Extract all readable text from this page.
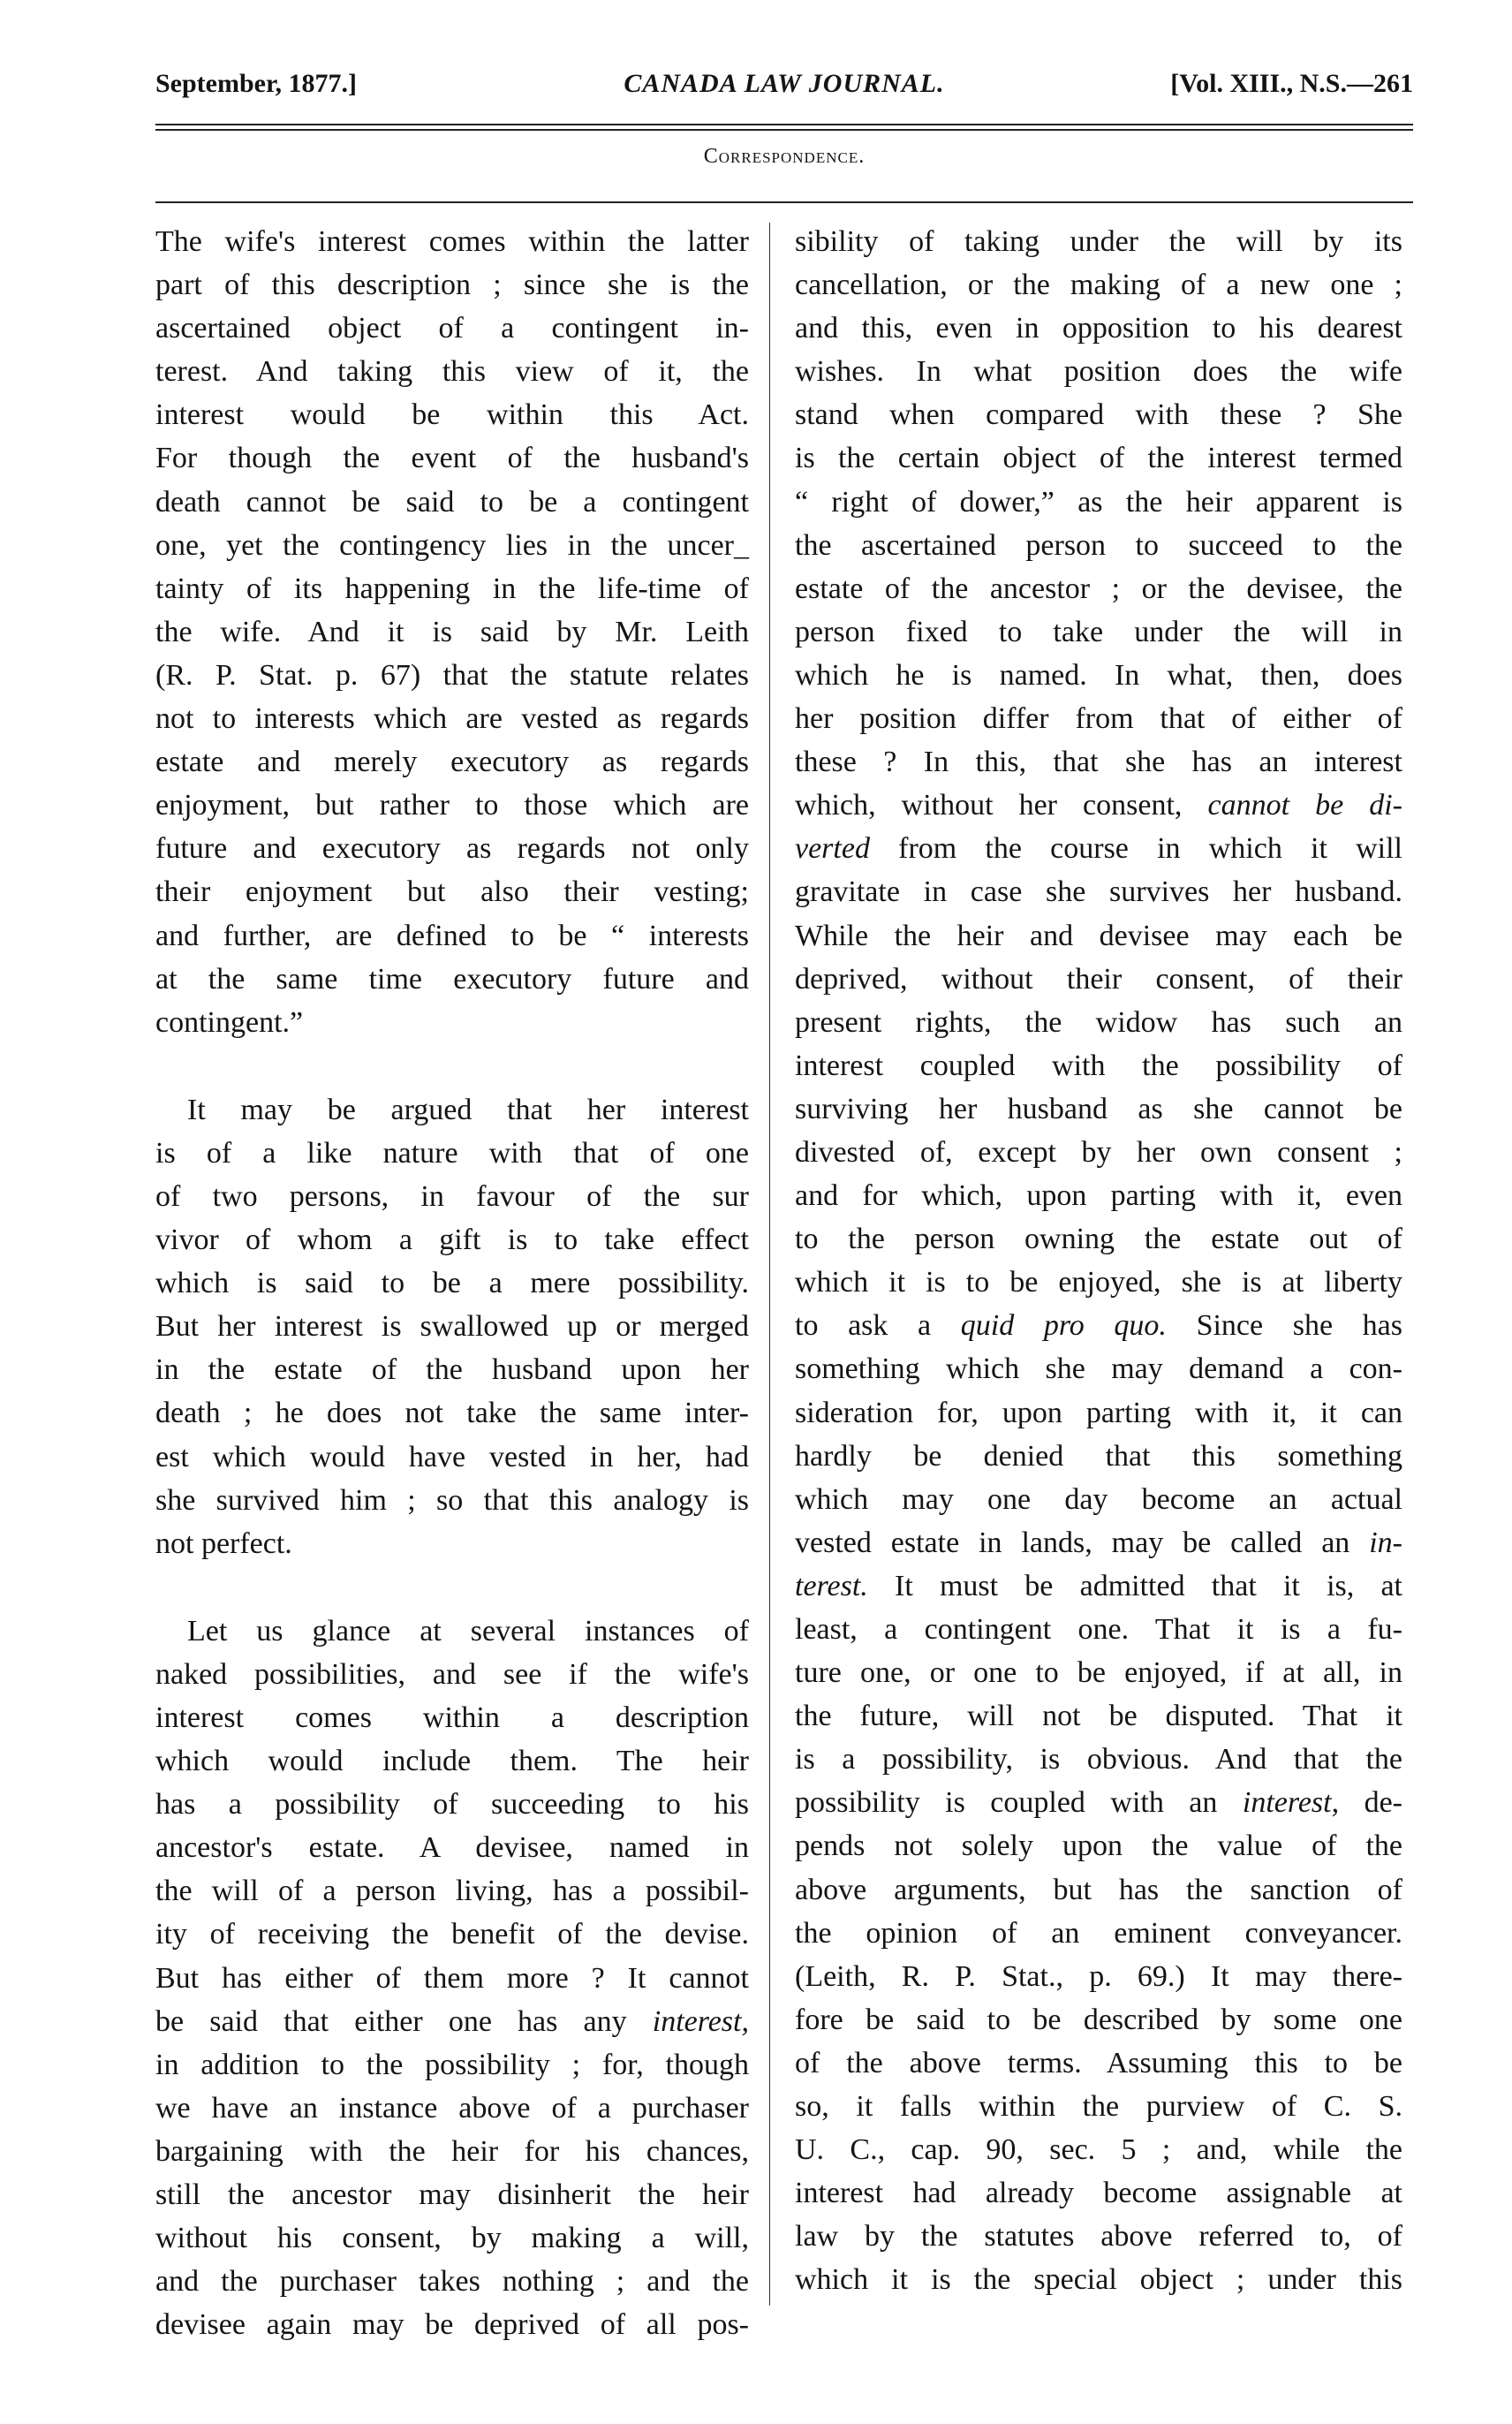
September, 1877.]	CANADA LAW JOURNAL.	[Vol. XIII., N.S.—261
Correspondence.
The wife's interest comes within the latter
part of this description ; since she is the
ascertained object of a contingent in-
terest. And taking this view of it, the
interest would be within this Act.
For though the event of the husband's
death cannot be said to be a contingent
one, yet the contingency lies in the uncer_
tainty of its happening in the life-time of
the wife. And it is said by Mr. Leith
(R. P. Stat. p. 67) that the statute relates
not to interests which are vested as regards
estate and merely executory as regards
enjoyment, but rather to those which are
future and executory as regards not only
their enjoyment but also their vesting;
and further, are defined to be “ interests
at the same time executory future and
contingent.”
It may be argued that her interest
is of a like nature with that of one
of two persons, in favour of the sur
vivor of whom a gift is to take effect
which is said to be a mere possibility.
But her interest is swallowed up or merged
in the estate of the husband upon her
death ; he does not take the same inter-
est which would have vested in her, had
she survived him ; so that this analogy is
not perfect.
Let us glance at several instances of
naked possibilities, and see if the wife's
interest comes within a description
which would include them. The heir
has a possibility of succeeding to his
ancestor's estate. A devisee, named in
the will of a person living, has a possibil-
ity of receiving the benefit of the devise.
But has either of them more ? It cannot
be said that either one has any interest,
in addition to the possibility ; for, though
we have an instance above of a purchaser
bargaining with the heir for his chances,
still the ancestor may disinherit the heir
without his consent, by making a will,
and the purchaser takes nothing ; and the
devisee again may be deprived of all pos-
sibility of taking under the will by its
cancellation, or the making of a new one ;
and this, even in opposition to his dearest
wishes. In what position does the wife
stand when compared with these ? She
is the certain object of the interest termed
“ right of dower,” as the heir apparent is
the ascertained person to succeed to the
estate of the ancestor ; or the devisee, the
person fixed to take under the will in
which he is named. In what, then, does
her position differ from that of either of
these ? In this, that she has an interest
which, without her consent, cannot be di-
verted from the course in which it will
gravitate in case she survives her husband.
While the heir and devisee may each be
deprived, without their consent, of their
present rights, the widow has such an
interest coupled with the possibility of
surviving her husband as she cannot be
divested of, except by her own consent ;
and for which, upon parting with it, even
to the person owning the estate out of
which it is to be enjoyed, she is at liberty
to ask a quid pro quo. Since she has
something which she may demand a con-
sideration for, upon parting with it, it can
hardly be denied that this something
which may one day become an actual
vested estate in lands, may be called an in-
terest. It must be admitted that it is, at
least, a contingent one. That it is a fu-
ture one, or one to be enjoyed, if at all, in
the future, will not be disputed. That it
is a possibility, is obvious. And that the
possibility is coupled with an interest, de-
pends not solely upon the value of the
above arguments, but has the sanction of
the opinion of an eminent conveyancer.
(Leith, R. P. Stat., p. 69.) It may there-
fore be said to be described by some one
of the above terms. Assuming this to be
so, it falls within the purview of C. S.
U. C., cap. 90, sec. 5 ; and, while the
interest had already become assignable at
law by the statutes above referred to, of
which it is the special object ; under this
